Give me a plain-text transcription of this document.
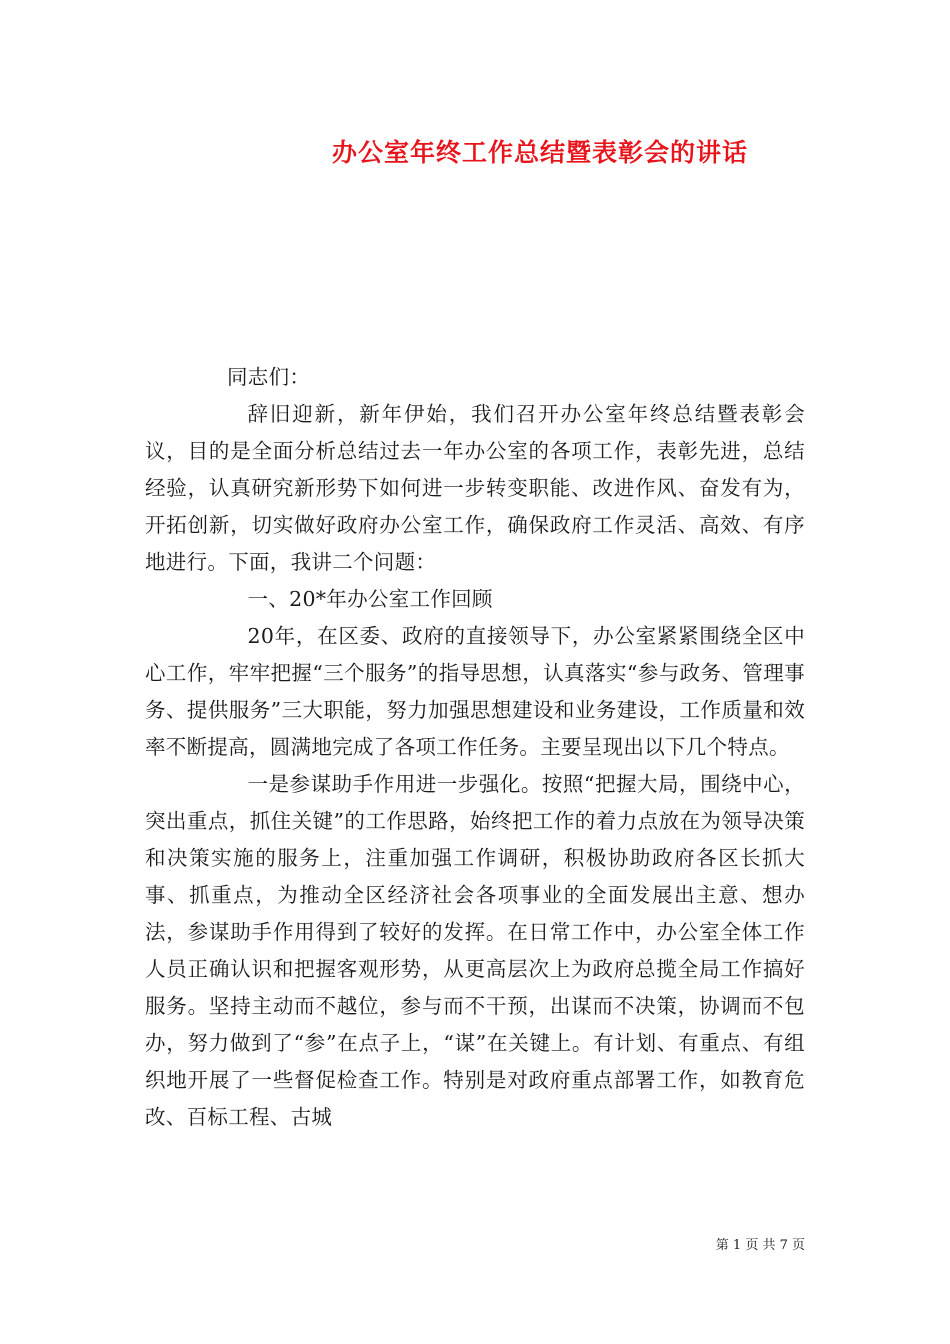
办公室年终工作总结暨表彰会的讲话

同志们：

辞旧迎新，新年伊始，我们召开办公室年终总结暨表彰会议，目的是全面分析总结过去一年办公室的各项工作，表彰先进，总结经验，认真研究新形势下如何进一步转变职能、改进作风、奋发有为，开拓创新，切实做好政府办公室工作，确保政府工作灵活、高效、有序地进行。下面，我讲二个问题：

一、20*年办公室工作回顾

20年，在区委、政府的直接领导下，办公室紧紧围绕全区中心工作，牢牢把握“三个服务”的指导思想，认真落实“参与政务、管理事务、提供服务”三大职能，努力加强思想建设和业务建设，工作质量和效率不断提高，圆满地完成了各项工作任务。主要呈现出以下几个特点。

一是参谋助手作用进一步强化。按照“把握大局，围绕中心，突出重点，抓住关键”的工作思路，始终把工作的着力点放在为领导决策和决策实施的服务上，注重加强工作调研，积极协助政府各区长抓大事、抓重点，为推动全区经济社会各项事业的全面发展出主意、想办法，参谋助手作用得到了较好的发挥。在日常工作中，办公室全体工作人员正确认识和把握客观形势，从更高层次上为政府总揽全局工作搞好服务。坚持主动而不越位，参与而不干预，出谋而不决策，协调而不包办，努力做到了“参”在点子上，“谋”在关键上。有计划、有重点、有组织地开展了一些督促检查工作。特别是对政府重点部署工作，如教育危改、百标工程、古城

第 1 页 共 7 页
